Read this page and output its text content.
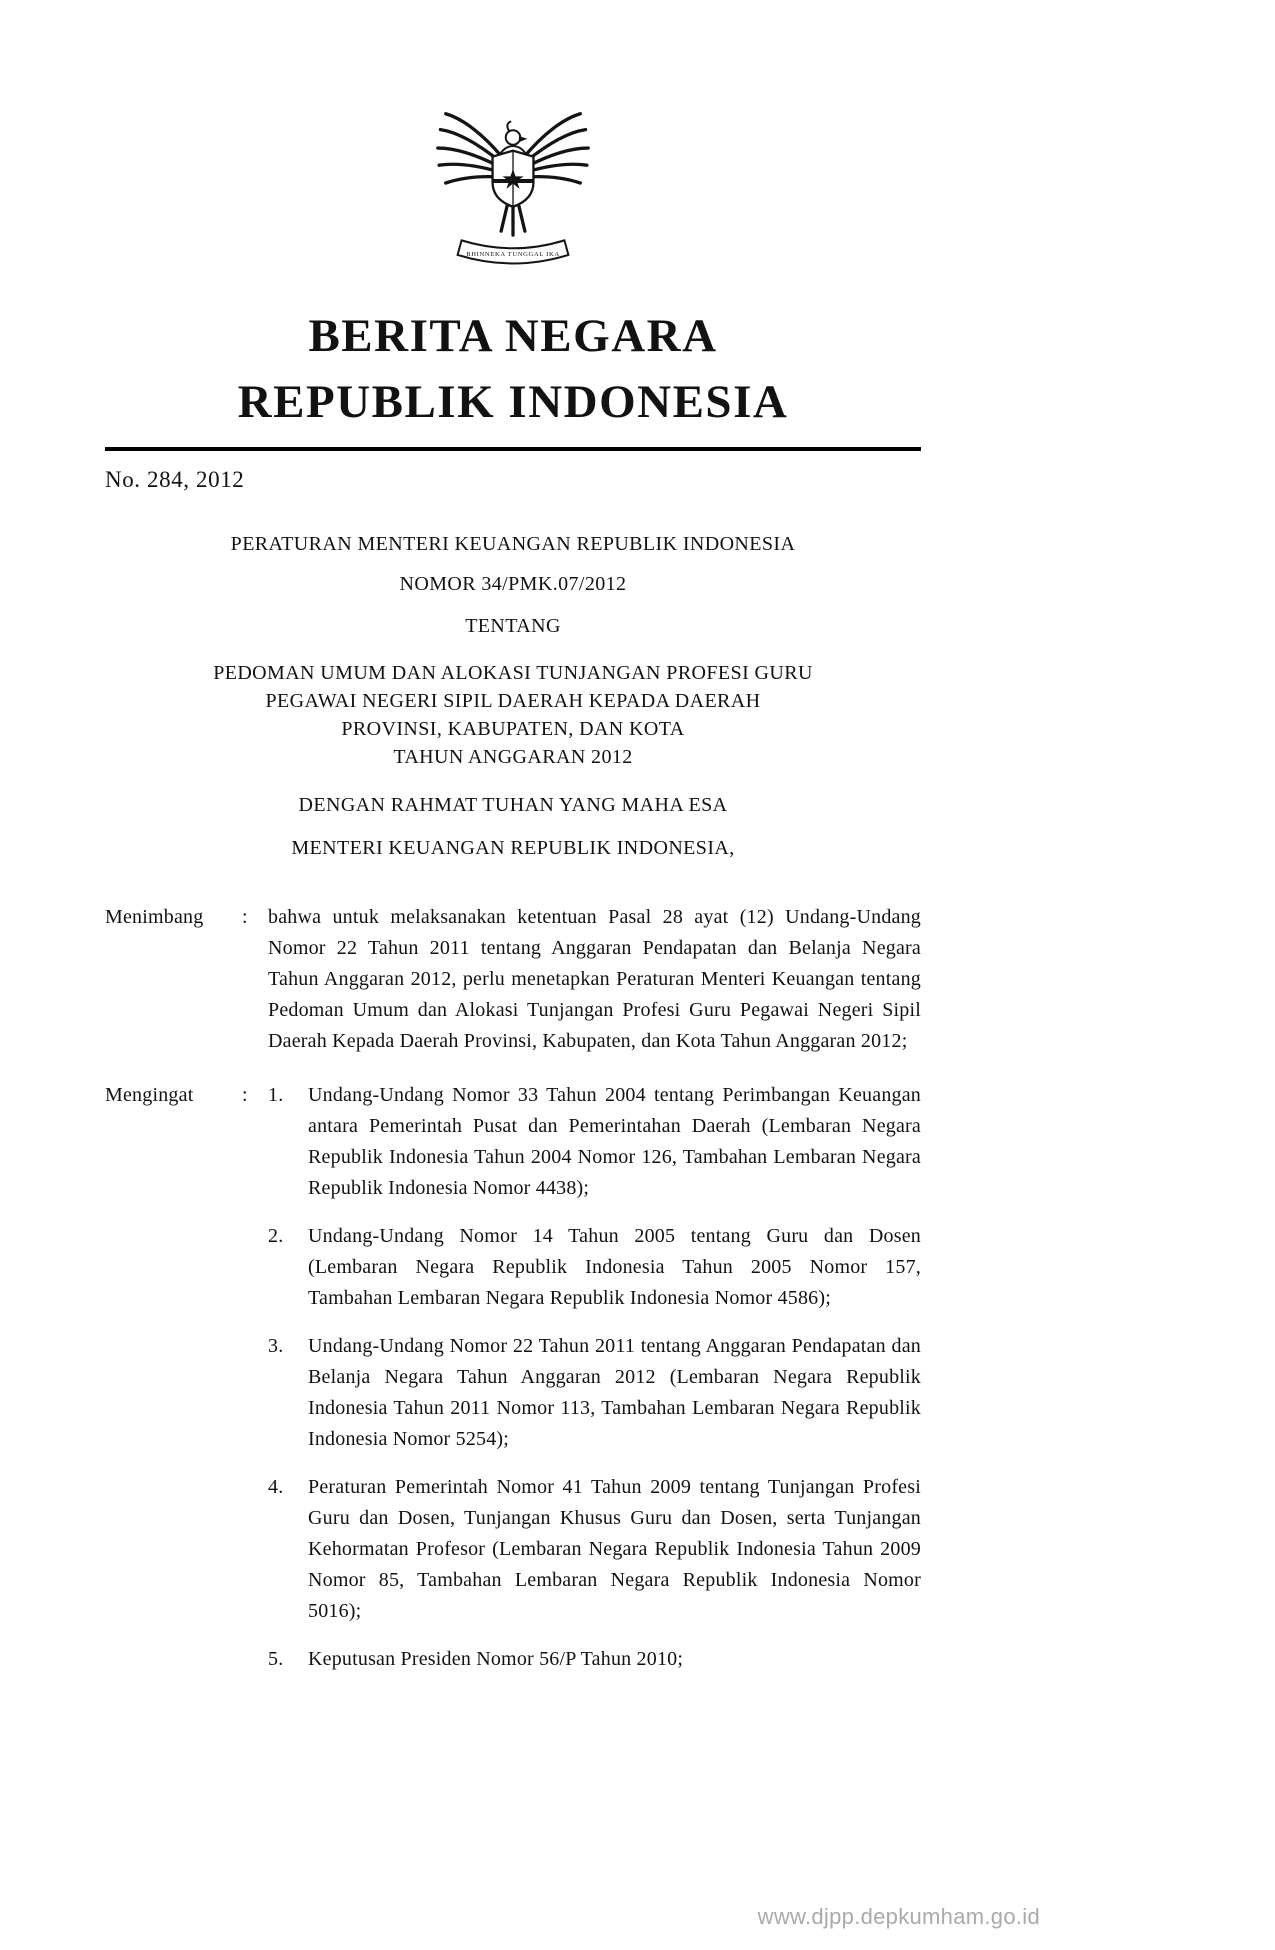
BHINNEKA TUNGGAL IKA
BERITA NEGARA
REPUBLIK INDONESIA
No. 284, 2012
PERATURAN MENTERI KEUANGAN REPUBLIK INDONESIA
NOMOR 34/PMK.07/2012
TENTANG
PEDOMAN UMUM DAN ALOKASI TUNJANGAN PROFESI GURU
PEGAWAI NEGERI SIPIL DAERAH KEPADA DAERAH
PROVINSI, KABUPATEN, DAN KOTA
TAHUN ANGGARAN 2012
DENGAN RAHMAT TUHAN YANG MAHA ESA
MENTERI KEUANGAN REPUBLIK INDONESIA,
Menimbang	:	bahwa untuk melaksanakan ketentuan Pasal 28 ayat (12) Undang-Undang Nomor 22 Tahun 2011 tentang Anggaran Pendapatan dan Belanja Negara Tahun Anggaran 2012, perlu menetapkan Peraturan Menteri Keuangan tentang Pedoman Umum dan Alokasi Tunjangan Profesi Guru Pegawai Negeri Sipil Daerah Kepada Daerah Provinsi, Kabupaten, dan Kota Tahun Anggaran 2012;
Mengingat	:	1.	Undang-Undang Nomor 33 Tahun 2004 tentang Perimbangan Keuangan antara Pemerintah Pusat dan Pemerintahan Daerah (Lembaran Negara Republik Indonesia Tahun 2004 Nomor 126, Tambahan Lembaran Negara Republik Indonesia Nomor 4438);
2.	Undang-Undang Nomor 14 Tahun 2005 tentang Guru dan Dosen (Lembaran Negara Republik Indonesia Tahun 2005 Nomor 157, Tambahan Lembaran Negara Republik Indonesia Nomor 4586);
3.	Undang-Undang Nomor 22 Tahun 2011 tentang Anggaran Pendapatan dan Belanja Negara Tahun Anggaran 2012 (Lembaran Negara Republik Indonesia Tahun 2011 Nomor 113, Tambahan Lembaran Negara Republik Indonesia Nomor 5254);
4.	Peraturan Pemerintah Nomor 41 Tahun 2009 tentang Tunjangan Profesi Guru dan Dosen, Tunjangan Khusus Guru dan Dosen, serta Tunjangan Kehormatan Profesor (Lembaran Negara Republik Indonesia Tahun 2009 Nomor 85, Tambahan Lembaran Negara Republik Indonesia Nomor 5016);
5.	Keputusan Presiden Nomor 56/P Tahun 2010;
www.djpp.depkumham.go.id
